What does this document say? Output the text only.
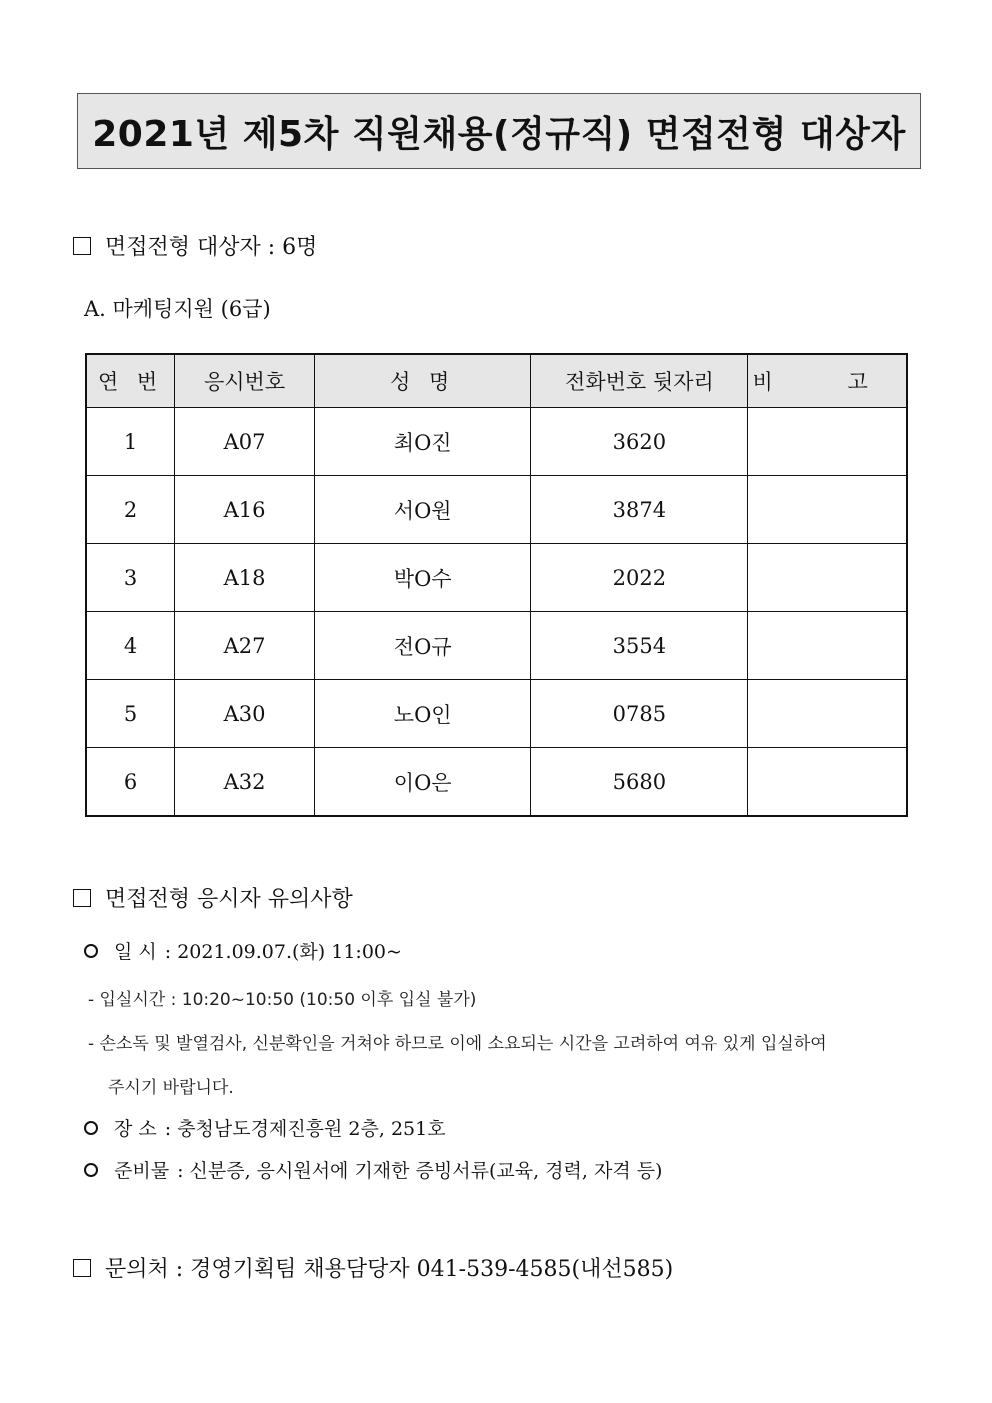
2021년 제5차 직원채용(정규직) 면접전형 대상자
면접전형 대상자 : 6명
A. 마케팅지원 (6급)
연 번	응시번호	성 명	전화번호 뒷자리	비 고
1	A07	최O진	3620	
2	A16	서O원	3874	
3	A18	박O수	2022	
4	A27	전O규	3554	
5	A30	노O인	0785	
6	A32	이O은	5680	
면접전형 응시자 유의사항
일 시 : 2021.09.07.(화) 11:00~
- 입실시간 : 10:20~10:50 (10:50 이후 입실 불가)
- 손소독 및 발열검사, 신분확인을 거쳐야 하므로 이에 소요되는 시간을 고려하여 여유 있게 입실하여
주시기 바랍니다.
장 소 : 충청남도경제진흥원 2층, 251호
준비물 : 신분증, 응시원서에 기재한 증빙서류(교육, 경력, 자격 등)
문의처 : 경영기획팀 채용담당자 041-539-4585(내선585)
